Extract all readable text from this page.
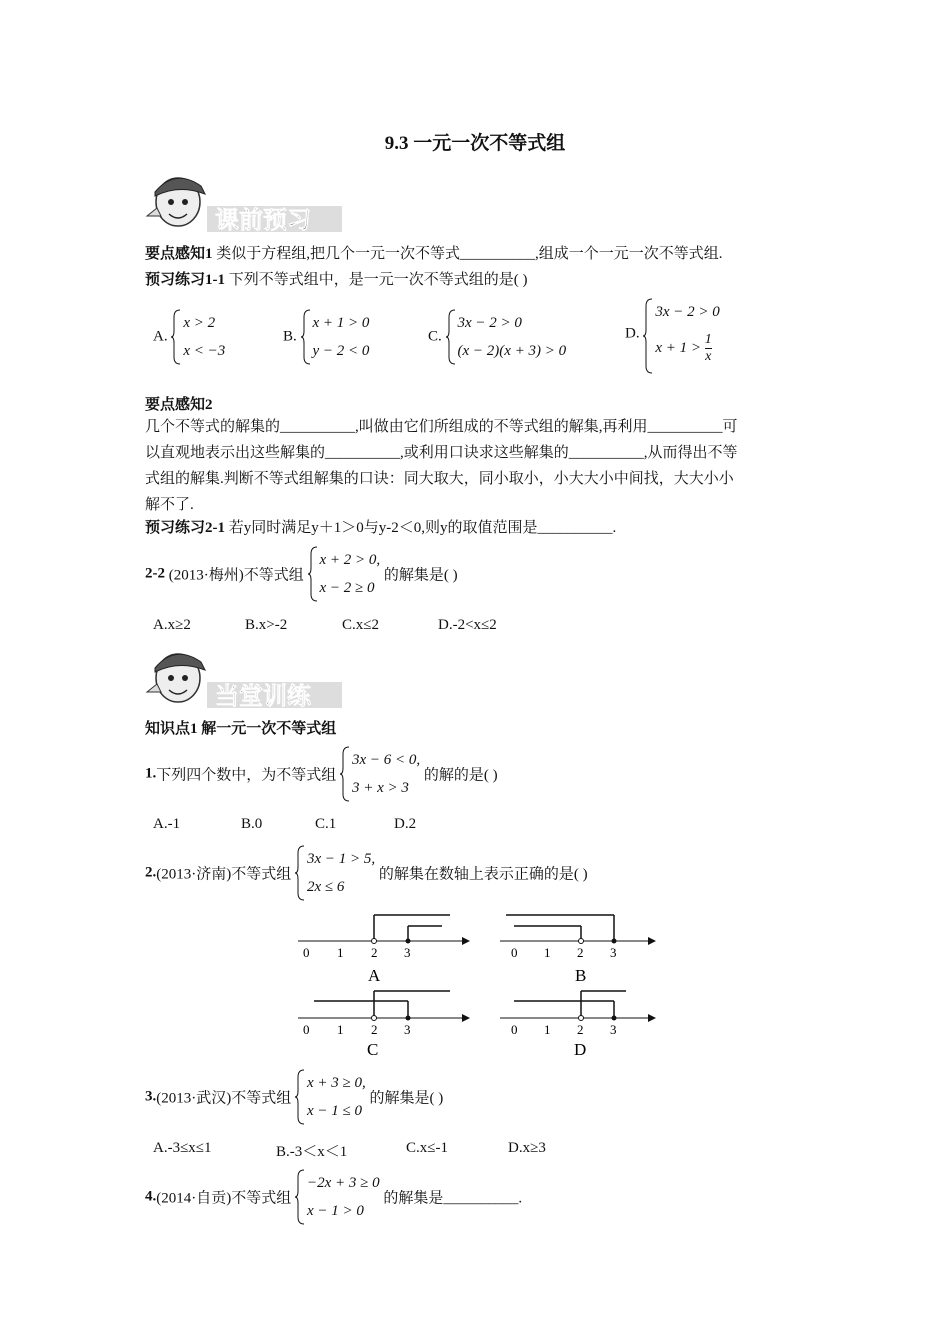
9.3 一元一次不等式组
课前预习
要点感知1 类似于方程组,把几个一元一次不等式__________,组成一个一元一次不等式组.
预习练习1-1 下列不等式组中，是一元一次不等式组的是( )
A.
x > 2
x < −3
B.
x + 1 > 0
y − 2 < 0
C.
3x − 2 > 0
(x − 2)(x + 3) > 0
D.
3x − 2 > 0
$x + 1 > \frac{1}{x}$
要点感知2
几个不等式的解集的__________,叫做由它们所组成的不等式组的解集,再利用__________可
以直观地表示出这些解集的__________,或利用口诀求这些解集的__________,从而得出不等
式组的解集.判断不等式组解集的口诀：同大取大，同小取小，小大大小中间找，大大小小
解不了.
预习练习2-1 若y同时满足y＋1＞0与y-2＜0,则y的取值范围是__________.
2-2 (2013·梅州)不等式组
x + 2 > 0,
x − 2 ≥ 0
的解集是( )
A.x≥2	B.x>-2	C.x≤2	D.-2<x≤2
当堂训练
知识点1 解一元一次不等式组
1.下列四个数中，为不等式组
3x − 6 < 0,
3 + x > 3
的解的是( )
A.-1	B.0	C.1	D.2
2.(2013·济南)不等式组
3x − 1 > 5,
2x ≤ 6
的解集在数轴上表示正确的是( )
0 1 2 3
A
0 1 2 3
B
0 1 2 3
C
0 1 2 3
D
3.(2013·武汉)不等式组
x + 3 ≥ 0,
x − 1 ≤ 0
的解集是( )
A.-3≤x≤1	B.-3＜x＜1	C.x≤-1	D.x≥3
4.(2014·自贡)不等式组
−2x + 3 ≥ 0
x − 1 > 0
的解集是__________.
